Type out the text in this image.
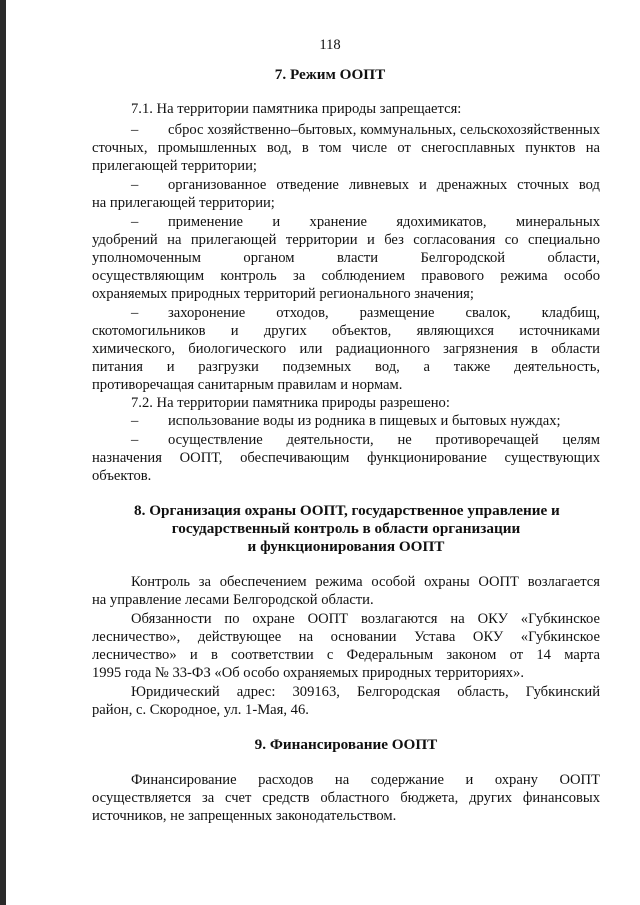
118
7. Режим ООПТ
7.1. На территории памятника природы запрещается:
– сброс хозяйственно–бытовых, коммунальных, сельскохозяйственных
сточных, промышленных вод, в том числе от снегосплавных пунктов на
прилегающей территории;
– организованное отведение ливневых и дренажных сточных вод
на прилегающей территории;
– применение и хранение ядохимикатов, минеральных
удобрений на прилегающей территории и без согласования со специально
уполномоченным органом власти Белгородской области,
осуществляющим контроль за соблюдением правового режима особо
охраняемых природных территорий регионального значения;
– захоронение отходов, размещение свалок, кладбищ,
скотомогильников и других объектов, являющихся источниками
химического, биологического или радиационного загрязнения в области
питания и разгрузки подземных вод, а также деятельность,
противоречащая санитарным правилам и нормам.
7.2. На территории памятника природы разрешено:
– использование воды из родника в пищевых и бытовых нуждах;
– осуществление деятельности, не противоречащей целям
назначения ООПТ, обеспечивающим функционирование существующих
объектов.
8. Организация охраны ООПТ, государственное управление и
государственный контроль в области организации
и функционирования ООПТ
Контроль за обеспечением режима особой охраны ООПТ возлагается
на управление лесами Белгородской области.
Обязанности по охране ООПТ возлагаются на ОКУ «Губкинское
лесничество», действующее на основании Устава ОКУ «Губкинское
лесничество» и в соответствии с Федеральным законом от 14 марта
1995 года № 33-ФЗ «Об особо охраняемых природных территориях».
Юридический адрес: 309163, Белгородская область, Губкинский
район, с. Скородное, ул. 1-Мая, 46.
9. Финансирование ООПТ
Финансирование расходов на содержание и охрану ООПТ
осуществляется за счет средств областного бюджета, других финансовых
источников, не запрещенных законодательством.
